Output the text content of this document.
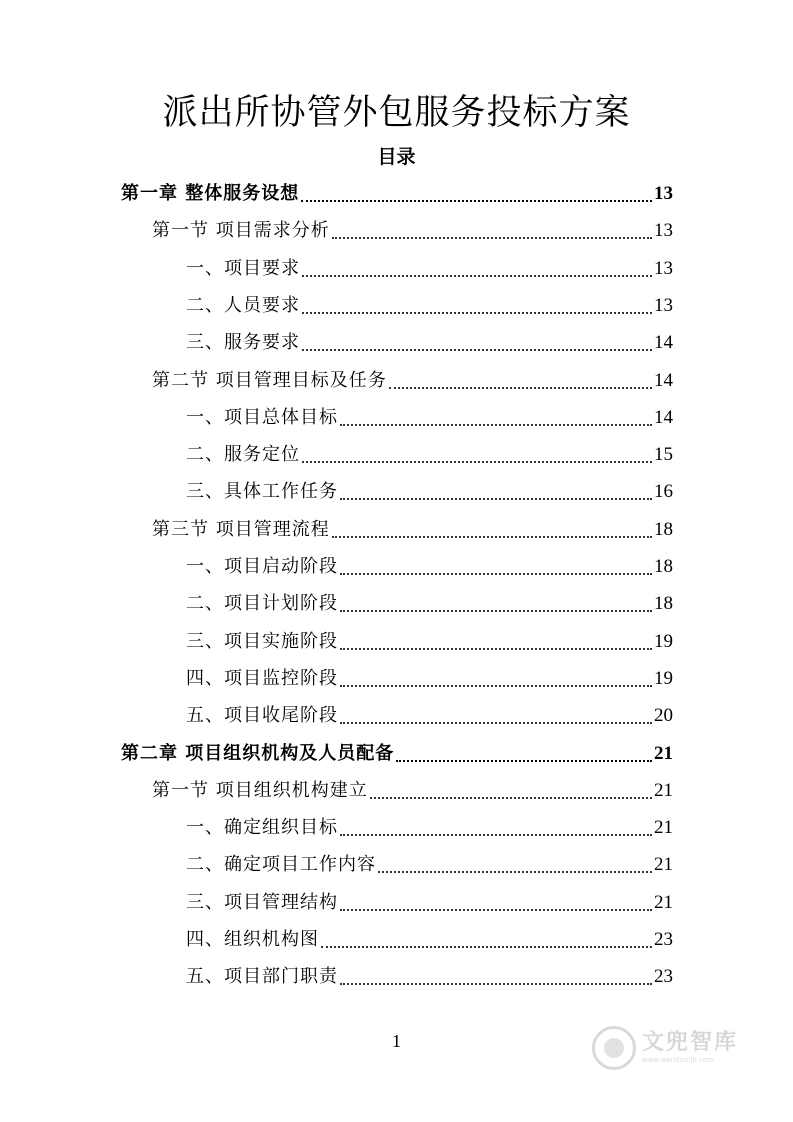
派出所协管外包服务投标方案
目录
第一章 整体服务设想	13
第一节 项目需求分析	13
一、项目要求	13
二、人员要求	13
三、服务要求	14
第二节 项目管理目标及任务	14
一、项目总体目标	14
二、服务定位	15
三、具体工作任务	16
第三节 项目管理流程	18
一、项目启动阶段	18
二、项目计划阶段	18
三、项目实施阶段	19
四、项目监控阶段	19
五、项目收尾阶段	20
第二章 项目组织机构及人员配备	21
第一节 项目组织机构建立	21
一、确定组织目标	21
二、确定项目工作内容	21
三、项目管理结构	21
四、组织机构图	23
五、项目部门职责	23
1	文兜智库
www.wendoulib.com
